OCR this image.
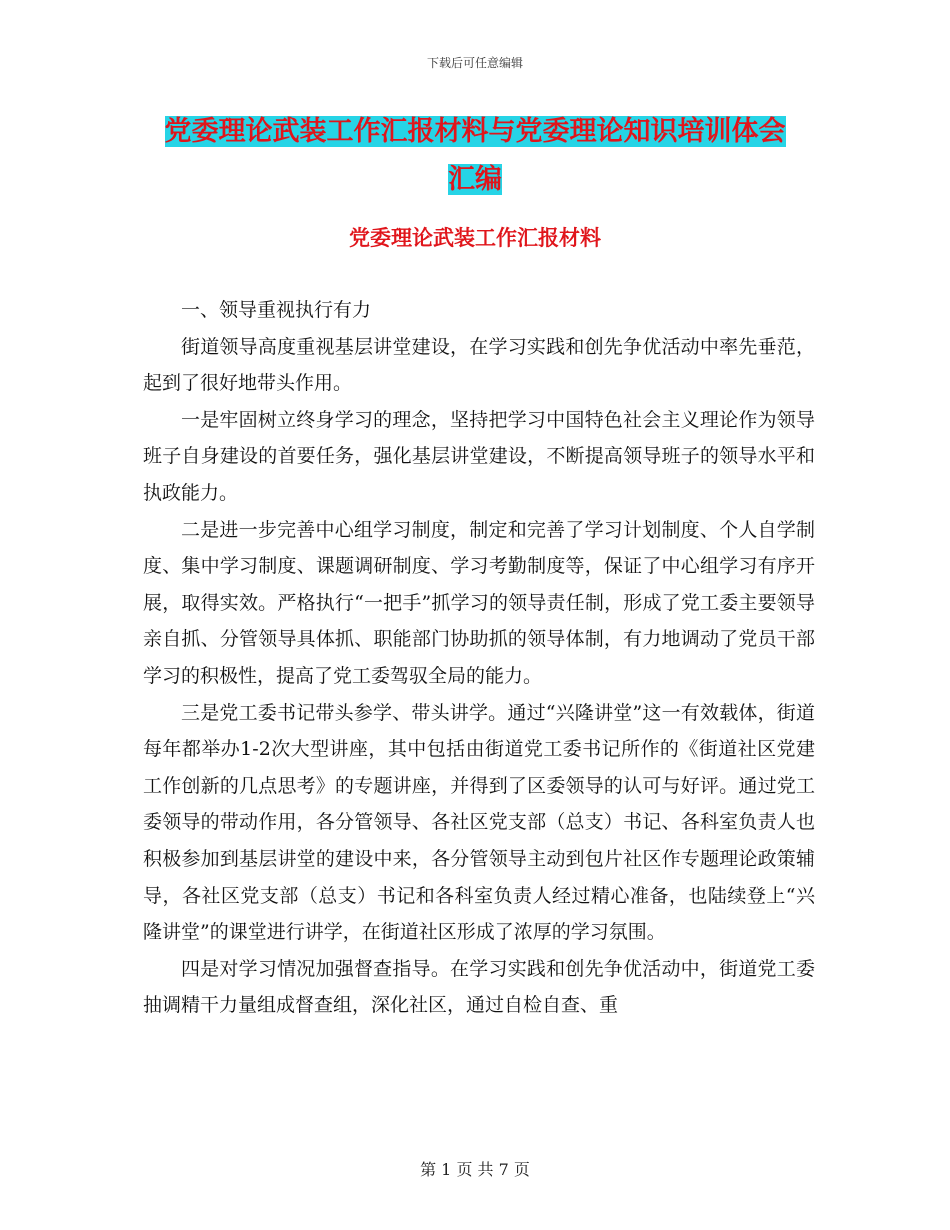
下载后可任意编辑
党委理论武装工作汇报材料与党委理论知识培训体会
汇编
党委理论武装工作汇报材料

一、领导重视执行有力

街道领导高度重视基层讲堂建设，在学习实践和创先争优活动中率先垂范，起到了很好地带头作用。

一是牢固树立终身学习的理念，坚持把学习中国特色社会主义理论作为领导班子自身建设的首要任务，强化基层讲堂建设，不断提高领导班子的领导水平和执政能力。

二是进一步完善中心组学习制度，制定和完善了学习计划制度、个人自学制度、集中学习制度、课题调研制度、学习考勤制度等，保证了中心组学习有序开展，取得实效。严格执行“一把手”抓学习的领导责任制，形成了党工委主要领导亲自抓、分管领导具体抓、职能部门协助抓的领导体制，有力地调动了党员干部学习的积极性，提高了党工委驾驭全局的能力。

三是党工委书记带头参学、带头讲学。通过“兴隆讲堂”这一有效载体，街道每年都举办1-2次大型讲座，其中包括由街道党工委书记所作的《街道社区党建工作创新的几点思考》的专题讲座，并得到了区委领导的认可与好评。通过党工委领导的带动作用，各分管领导、各社区党支部（总支）书记、各科室负责人也积极参加到基层讲堂的建设中来，各分管领导主动到包片社区作专题理论政策辅导，各社区党支部（总支）书记和各科室负责人经过精心准备，也陆续登上“兴隆讲堂”的课堂进行讲学，在街道社区形成了浓厚的学习氛围。

四是对学习情况加强督查指导。在学习实践和创先争优活动中，街道党工委抽调精干力量组成督查组，深化社区，通过自检自查、重

第 1 页 共 7 页
